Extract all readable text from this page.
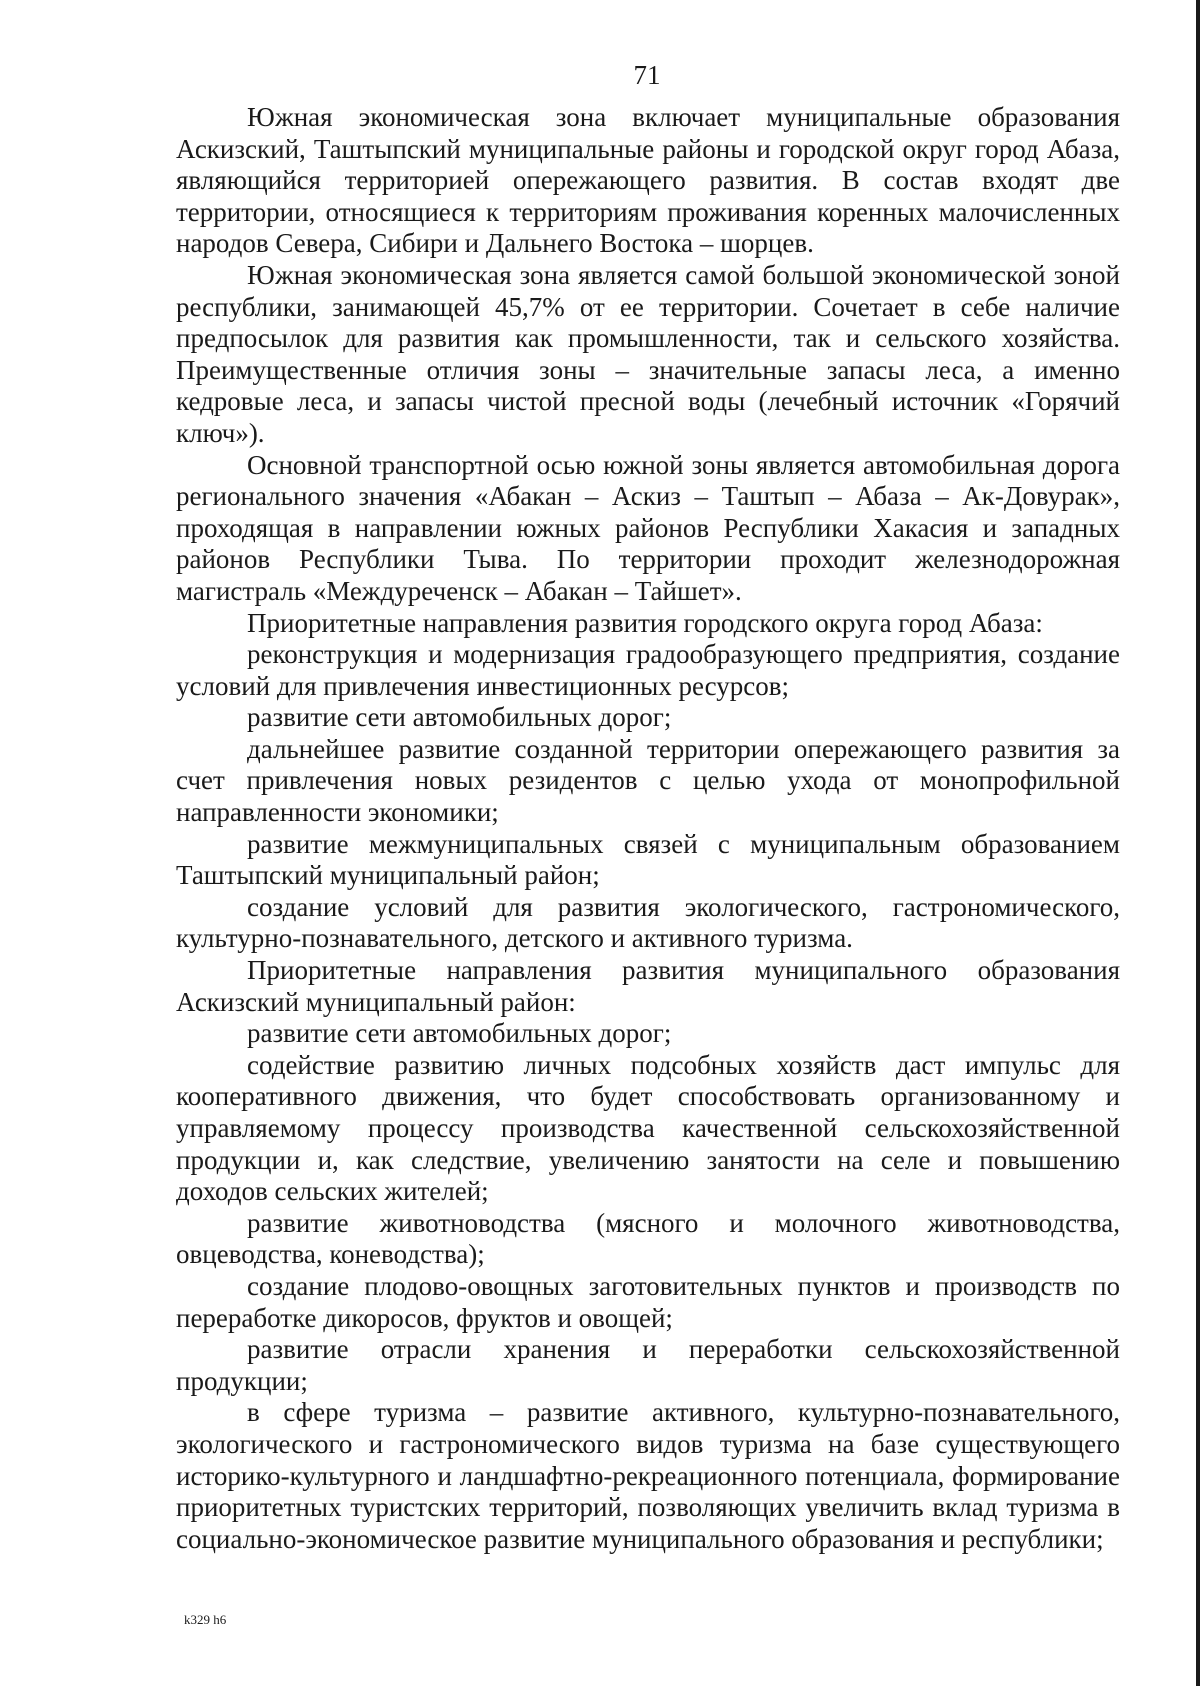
71

Южная экономическая зона включает муниципальные образования Аскизский, Таштыпский муниципальные районы и городской округ город Абаза, являющийся территорией опережающего развития. В состав входят две территории, относящиеся к территориям проживания коренных малочисленных народов Севера, Сибири и Дальнего Востока – шорцев.

Южная экономическая зона является самой большой экономической зоной республики, занимающей 45,7% от ее территории. Сочетает в себе наличие предпосылок для развития как промышленности, так и сельского хозяйства. Преимущественные отличия зоны – значительные запасы леса, а именно кедровые леса, и запасы чистой пресной воды (лечебный источник «Горячий ключ»).

Основной транспортной осью южной зоны является автомобильная дорога регионального значения «Абакан – Аскиз – Таштып – Абаза – Ак-Довурак», проходящая в направлении южных районов Республики Хакасия и западных районов Республики Тыва. По территории проходит железнодорожная магистраль «Междуреченск – Абакан – Тайшет».

Приоритетные направления развития городского округа город Абаза:

реконструкция и модернизация градообразующего предприятия, создание условий для привлечения инвестиционных ресурсов;

развитие сети автомобильных дорог;

дальнейшее развитие созданной территории опережающего развития за счет привлечения новых резидентов с целью ухода от монопрофильной направленности экономики;

развитие межмуниципальных связей с муниципальным образованием Таштыпский муниципальный район;

создание условий для развития экологического, гастрономического, культурно-познавательного, детского и активного туризма.

Приоритетные направления развития муниципального образования Аскизский муниципальный район:

развитие сети автомобильных дорог;

содействие развитию личных подсобных хозяйств даст импульс для кооперативного движения, что будет способствовать организованному и управляемому процессу производства качественной сельскохозяйственной продукции и, как следствие, увеличению занятости на селе и повышению доходов сельских жителей;

развитие животноводства (мясного и молочного животноводства, овцеводства, коневодства);

создание плодово-овощных заготовительных пунктов и производств по переработке дикоросов, фруктов и овощей;

развитие отрасли хранения и переработки сельскохозяйственной продукции;

в сфере туризма – развитие активного, культурно-познавательного, экологического и гастрономического видов туризма на базе существующего историко-культурного и ландшафтно-рекреационного потенциала, формирование приоритетных туристских территорий, позволяющих увеличить вклад туризма в социально-экономическое развитие муниципального образования и республики;

k329 h6
